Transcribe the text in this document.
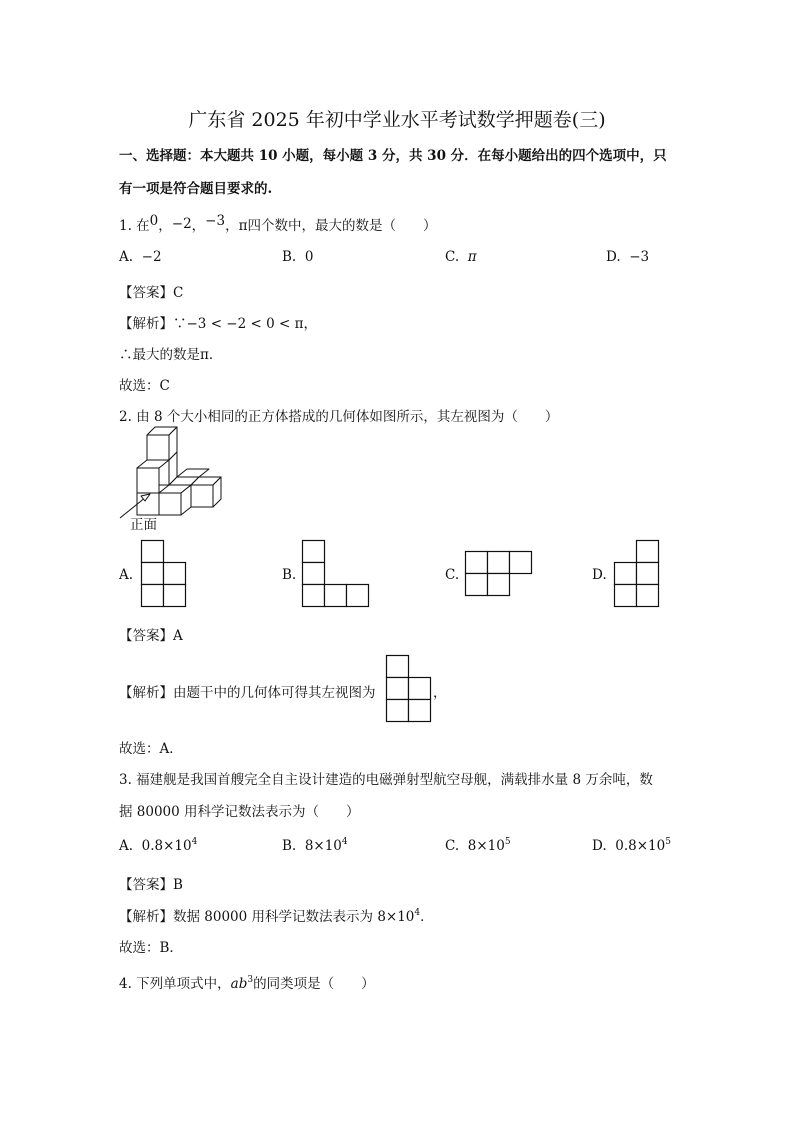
广东省 2025 年初中学业水平考试数学押题卷(三)
一、选择题：本大题共 10 小题，每小题 3 分，共 30 分．在每小题给出的四个选项中，只
有一项是符合题目要求的.
1. 在0，−2，−3，π四个数中，最大的数是（　　）
A. −2	B. 0	C. π	D. −3
【答案】C
【解析】∵−3 < −2 < 0 < π，
∴最大的数是π．
故选：C
2. 由 8 个大小相同的正方体搭成的几何体如图所示，其左视图为（　　）
正面
A.	B.	C.	D.
【答案】A
【解析】由题干中的几何体可得其左视图为	，
故选：A．
3. 福建舰是我国首艘完全自主设计建造的电磁弹射型航空母舰，满载排水量 8 万余吨，数
据 80000 用科学记数法表示为（　　）
A. $0.8\times 10^4$	B. $8\times 10^4$	C. $8\times 10^5$	D. $0.8\times 10^5$
【答案】B
【解析】数据 80000 用科学记数法表示为 $8\times 10^4$．
故选：B．
4. 下列单项式中，$ab^3$的同类项是（　　）
